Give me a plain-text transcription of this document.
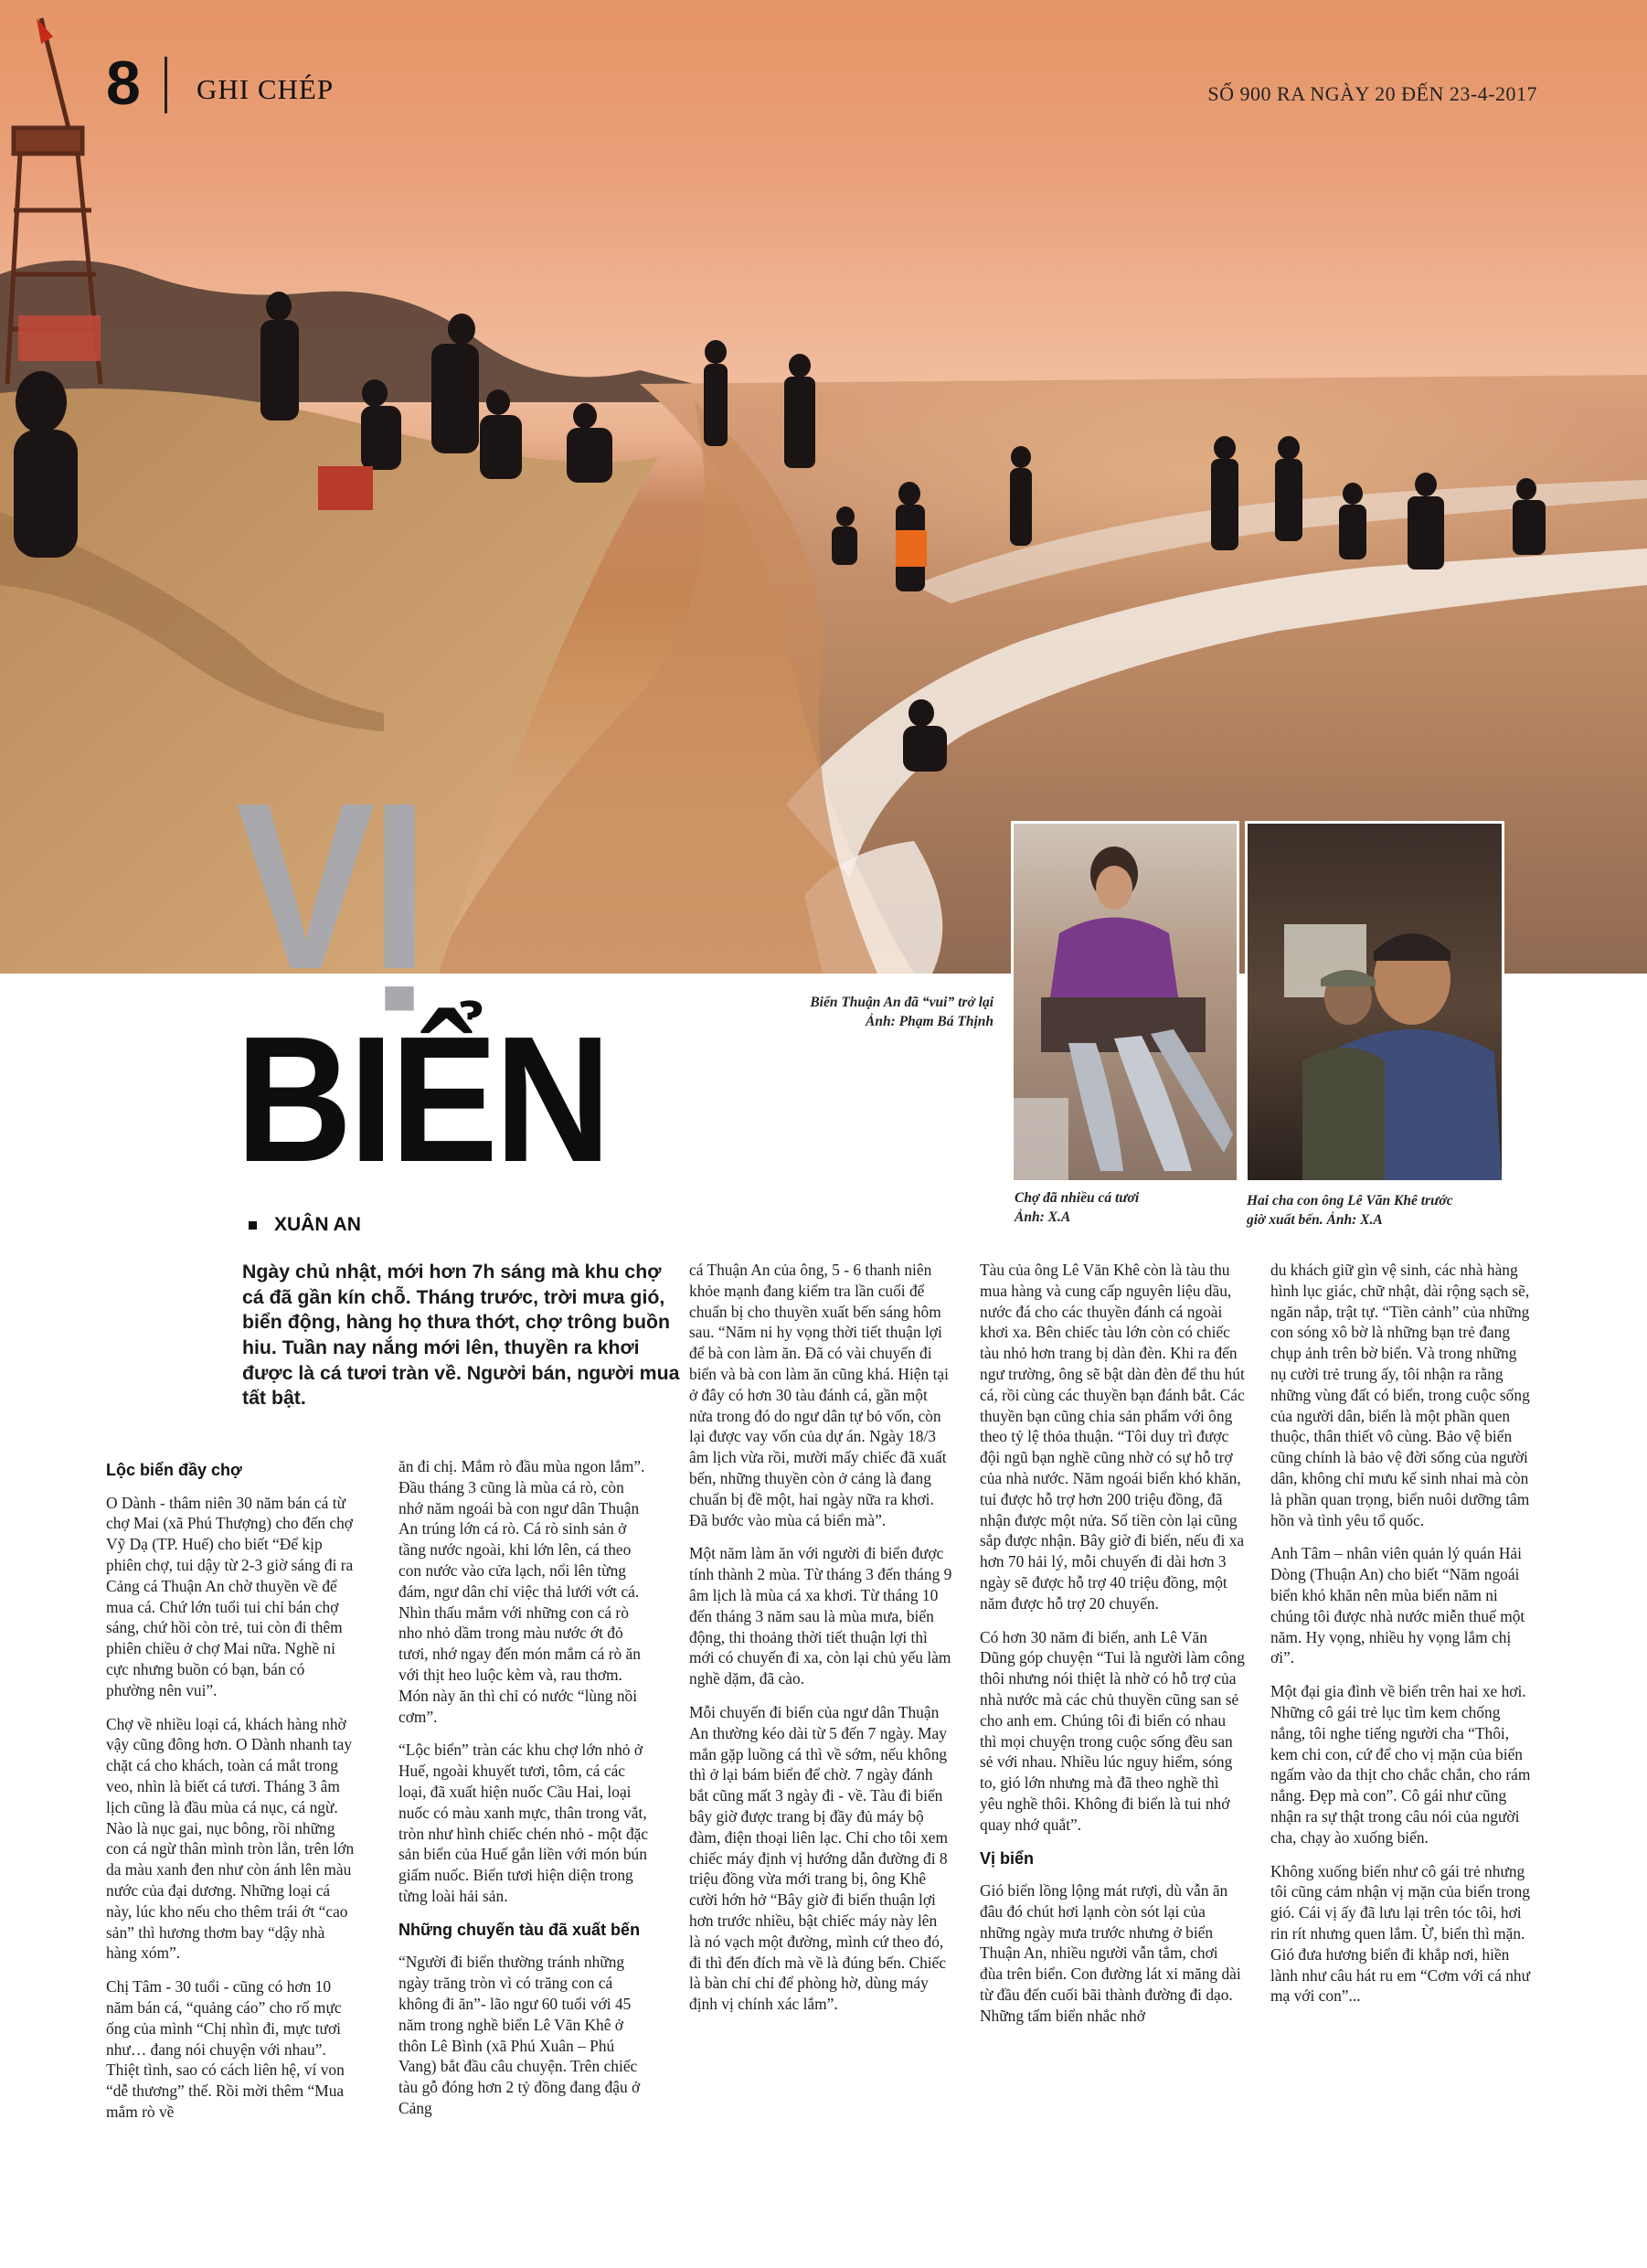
8 GHI CHÉP	SỐ 900 RA NGÀY 20 ĐẾN 23-4-2017
VỊ
BIỂN	Biển Thuận An đã “vui” trở lại
Ảnh: Phạm Bá Thịnh
Chợ đã nhiều cá tươi
Ảnh: X.A
Hai cha con ông Lê Văn Khê trước
giờ xuất bến. Ảnh: X.A
XUÂN AN
Ngày chủ nhật, mới hơn 7h sáng mà khu chợ cá đã gần kín chỗ. Tháng trước, trời mưa gió, biển động, hàng họ thưa thớt, chợ trông buồn hiu. Tuần nay nắng mới lên, thuyền ra khơi được là cá tươi tràn về. Người bán, người mua tất bật.
Lộc biển đầy chợ

O Dành - thâm niên 30 năm bán cá từ chợ Mai (xã Phú Thượng) cho đến chợ Vỹ Dạ (TP. Huế) cho biết “Để kịp phiên chợ, tui dậy từ 2-3 giờ sáng đi ra Cảng cá Thuận An chờ thuyền về để mua cá. Chứ lớn tuổi tui chỉ bán chợ sáng, chứ hồi còn trẻ, tui còn đi thêm phiên chiều ở chợ Mai nữa. Nghề ni cực nhưng buồn có bạn, bán có phường nên vui”.

Chợ về nhiều loại cá, khách hàng nhờ vậy cũng đông hơn. O Dành nhanh tay chặt cá cho khách, toàn cá mắt trong veo, nhìn là biết cá tươi. Tháng 3 âm lịch cũng là đầu mùa cá nục, cá ngừ. Nào là nục gai, nục bông, rồi những con cá ngừ thân mình tròn lẳn, trên lớn da màu xanh đen như còn ánh lên màu nước của đại dương. Những loại cá này, lúc kho nếu cho thêm trái ớt “cao sản” thì hương thơm bay “dậy nhà hàng xóm”.

Chị Tâm - 30 tuổi - cũng có hơn 10 năm bán cá, “quảng cáo” cho rổ mực ống của mình “Chị nhìn đi, mực tươi như… đang nói chuyện với nhau”. Thiệt tình, sao có cách liên hệ, ví von “dễ thương” thế. Rồi mời thêm “Mua mắm rò về

ăn đi chị. Mắm rò đầu mùa ngon lắm”. Đầu tháng 3 cũng là mùa cá rò, còn nhớ năm ngoái bà con ngư dân Thuận An trúng lớn cá rò. Cá rò sinh sản ở tầng nước ngoài, khi lớn lên, cá theo con nước vào cửa lạch, nổi lên từng đám, ngư dân chỉ việc thả lưới vớt cá. Nhìn thấu mắm với những con cá rò nho nhỏ dầm trong màu nước ớt đỏ tươi, nhớ ngay đến món mắm cá rò ăn với thịt heo luộc kèm và, rau thơm. Món này ăn thì chỉ có nước “lùng nồi cơm”.

“Lộc biển” tràn các khu chợ lớn nhỏ ở Huế, ngoài khuyết tươi, tôm, cá các loại, đã xuất hiện nuốc Cầu Hai, loại nuốc có màu xanh mực, thân trong vắt, tròn như hình chiếc chén nhỏ - một đặc sản biển của Huế gắn liền với món bún giấm nuốc. Biển tươi hiện diện trong từng loài hải sản.

Những chuyến tàu đã xuất bến

“Người đi biển thường tránh những ngày trăng tròn vì có trăng con cá không đi ăn”- lão ngư 60 tuổi với 45 năm trong nghề biển Lê Văn Khê ở thôn Lê Bình (xã Phú Xuân – Phú Vang) bắt đầu câu chuyện. Trên chiếc tàu gỗ đóng hơn 2 tỷ đồng đang đậu ở Cảng

cá Thuận An của ông, 5 - 6 thanh niên khỏe mạnh đang kiểm tra lần cuối để chuẩn bị cho thuyền xuất bến sáng hôm sau. “Năm ni hy vọng thời tiết thuận lợi để bà con làm ăn. Đã có vài chuyến đi biển và bà con làm ăn cũng khá. Hiện tại ở đây có hơn 30 tàu đánh cá, gần một nửa trong đó do ngư dân tự bỏ vốn, còn lại được vay vốn của dự án. Ngày 18/3 âm lịch vừa rồi, mười mấy chiếc đã xuất bến, những thuyền còn ở cảng là đang chuẩn bị đề một, hai ngày nữa ra khơi. Đã bước vào mùa cá biển mà”.

Một năm làm ăn với người đi biển được tính thành 2 mùa. Từ tháng 3 đến tháng 9 âm lịch là mùa cá xa khơi. Từ tháng 10 đến tháng 3 năm sau là mùa mưa, biển động, thi thoảng thời tiết thuận lợi thì mới có chuyến đi xa, còn lại chủ yếu làm nghề dặm, đã cào.

Mỗi chuyến đi biển của ngư dân Thuận An thường kéo dài từ 5 đến 7 ngày. May mắn gặp luồng cá thì về sớm, nếu không thì ở lại bám biển để chờ. 7 ngày đánh bắt cũng mất 3 ngày đi - về. Tàu đi biển bây giờ được trang bị đầy đủ máy bộ đàm, điện thoại liên lạc. Chỉ cho tôi xem chiếc máy định vị hướng dẫn đường đi 8 triệu đồng vừa mới trang bị, ông Khê cười hớn hở “Bây giờ đi biển thuận lợi hơn trước nhiều, bật chiếc máy này lên là nó vạch một đường, mình cứ theo đó, đi thì đến đích mà về là đúng bến. Chiếc là bàn chỉ chỉ để phòng hờ, dùng máy định vị chính xác lắm”.

Tàu của ông Lê Văn Khê còn là tàu thu mua hàng và cung cấp nguyên liệu dầu, nước đá cho các thuyền đánh cá ngoài khơi xa. Bên chiếc tàu lớn còn có chiếc tàu nhỏ hơn trang bị dàn đèn. Khi ra đến ngư trường, ông sẽ bật dàn đèn để thu hút cá, rồi cùng các thuyền bạn đánh bắt. Các thuyền bạn cũng chia sản phẩm với ông theo tỷ lệ thỏa thuận. “Tôi duy trì được đội ngũ bạn nghề cũng nhờ có sự hỗ trợ của nhà nước. Năm ngoái biển khó khăn, tui được hỗ trợ hơn 200 triệu đồng, đã nhận được một nửa. Số tiền còn lại cũng sắp được nhận. Bây giờ đi biển, nếu đi xa hơn 70 hải lý, mỗi chuyến đi dài hơn 3 ngày sẽ được hỗ trợ 40 triệu đồng, một năm được hỗ trợ 20 chuyến.

Có hơn 30 năm đi biển, anh Lê Văn Dũng góp chuyện “Tui là người làm công thôi nhưng nói thiệt là nhờ có hỗ trợ của nhà nước mà các chủ thuyền cũng san sẻ cho anh em. Chúng tôi đi biển có nhau thì mọi chuyện trong cuộc sống đều san sẻ với nhau. Nhiều lúc nguy hiểm, sóng to, gió lớn nhưng mà đã theo nghề thì yêu nghề thôi. Không đi biển là tui nhớ quay nhớ quắt”.

Vị biển

Gió biển lồng lộng mát rượi, dù vẫn ăn đâu đó chút hơi lạnh còn sót lại của những ngày mưa trước nhưng ở biển Thuận An, nhiều người vẫn tắm, chơi đùa trên biển. Con đường lát xi măng dài từ đầu đến cuối bãi thành đường đi dạo. Những tấm biển nhắc nhở

du khách giữ gìn vệ sinh, các nhà hàng hình lục giác, chữ nhật, dài rộng sạch sẽ, ngăn nắp, trật tự. “Tiền cảnh” của những con sóng xô bờ là những bạn trẻ đang chụp ảnh trên bờ biển. Và trong những nụ cười trẻ trung ấy, tôi nhận ra rằng những vùng đất có biển, trong cuộc sống của người dân, biển là một phần quen thuộc, thân thiết vô cùng. Bảo vệ biển cũng chính là bảo vệ đời sống của người dân, không chỉ mưu kế sinh nhai mà còn là phần quan trọng, biển nuôi dưỡng tâm hồn và tình yêu tổ quốc.

Anh Tâm – nhân viên quản lý quán Hải Dòng (Thuận An) cho biết “Năm ngoái biển khó khăn nên mùa biển năm ni chúng tôi được nhà nước miễn thuế một năm. Hy vọng, nhiều hy vọng lắm chị ơi”.

Một đại gia đình về biển trên hai xe hơi. Những cô gái trẻ lục tìm kem chống nắng, tôi nghe tiếng người cha “Thôi, kem chi con, cứ để cho vị mặn của biển ngấm vào da thịt cho chắc chắn, cho rám nắng. Đẹp mà con”. Cô gái như cũng nhận ra sự thật trong câu nói của người cha, chạy ào xuống biển.

Không xuống biển như cô gái trẻ nhưng tôi cũng cảm nhận vị mặn của biển trong gió. Cái vị ấy đã lưu lại trên tóc tôi, hơi rin rít nhưng quen lắm. Ừ, biển thì mặn. Gió đưa hương biển đi khắp nơi, hiền lành như câu hát ru em “Cơm với cá như mạ với con”...
